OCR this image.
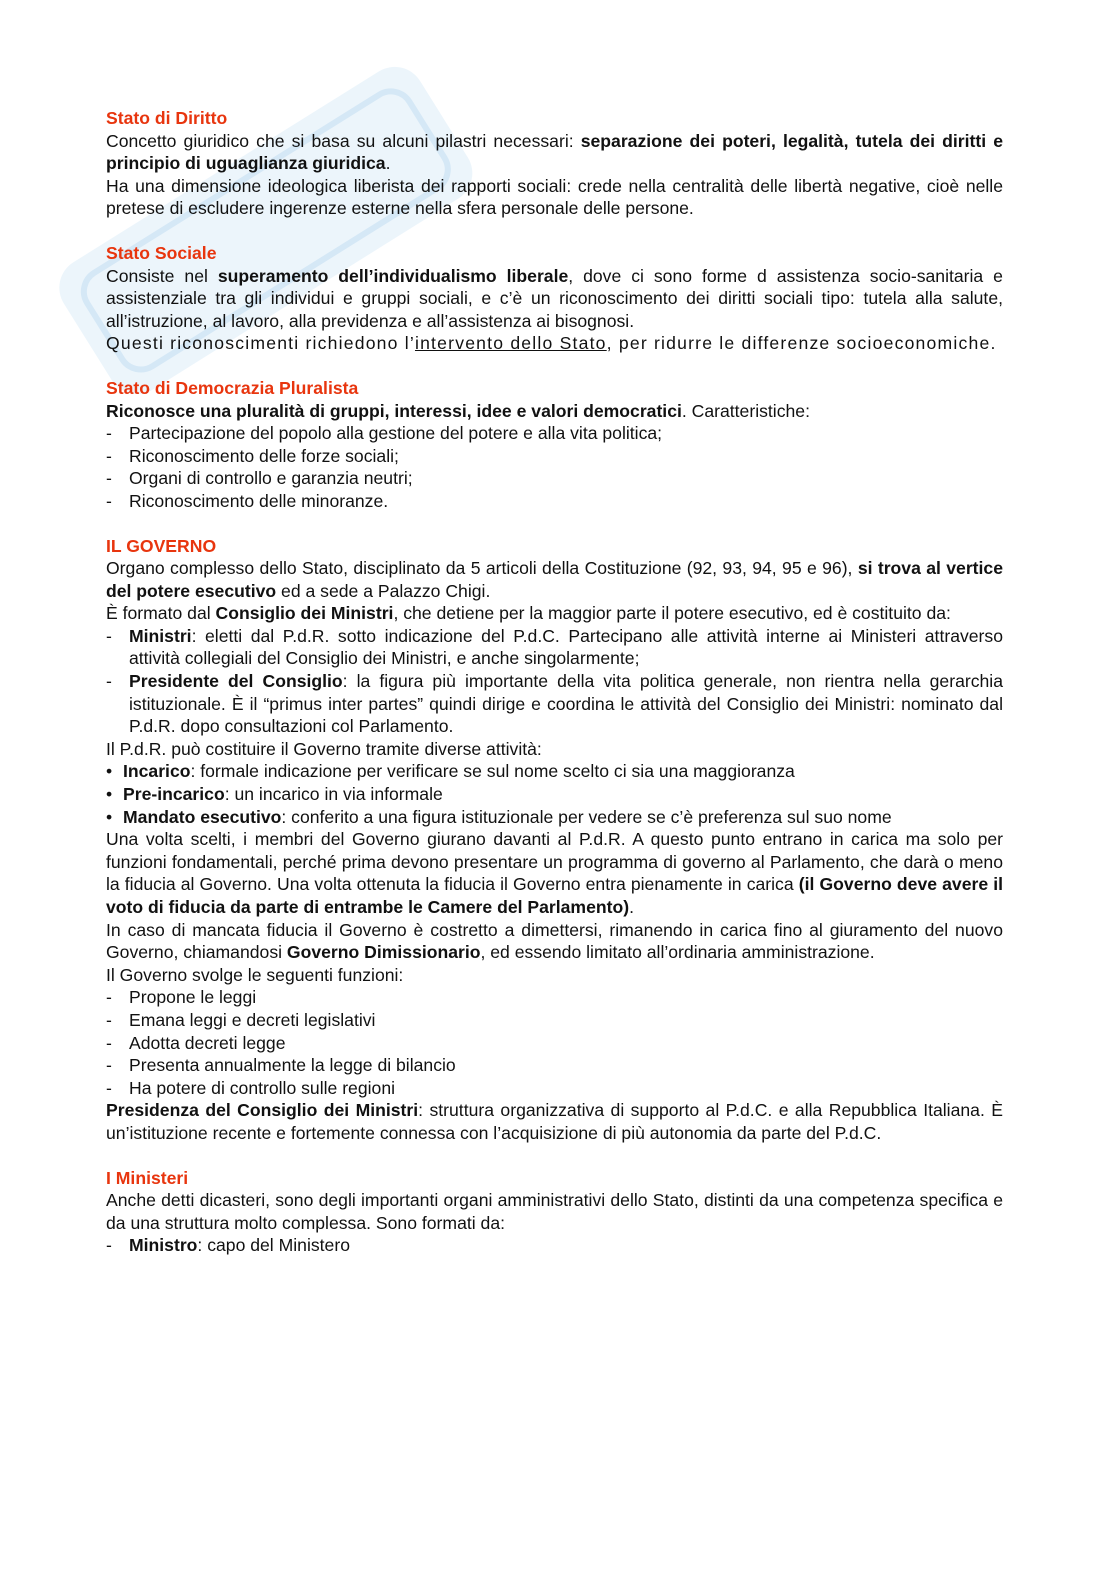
Stato di Diritto

Concetto giuridico che si basa su alcuni pilastri necessari: separazione dei poteri, legalità, tutela dei diritti e principio di uguaglianza giuridica.

Ha una dimensione ideologica liberista dei rapporti sociali: crede nella centralità delle libertà negative, cioè nelle pretese di escludere ingerenze esterne nella sfera personale delle persone.

Stato Sociale

Consiste nel superamento dell’individualismo liberale, dove ci sono forme d assistenza socio-sanitaria e assistenziale tra gli individui e gruppi sociali, e c’è un riconoscimento dei diritti sociali tipo: tutela alla salute, all’istruzione, al lavoro, alla previdenza e all’assistenza ai bisognosi.

Questi riconoscimenti richiedono l’intervento dello Stato, per ridurre le differenze socioeconomiche.

Stato di Democrazia Pluralista

Riconosce una pluralità di gruppi, interessi, idee e valori democratici. Caratteristiche:

- Partecipazione del popolo alla gestione del potere e alla vita politica;

- Riconoscimento delle forze sociali;

- Organi di controllo e garanzia neutri;

- Riconoscimento delle minoranze.

IL GOVERNO

Organo complesso dello Stato, disciplinato da 5 articoli della Costituzione (92, 93, 94, 95 e 96), si trova al vertice del potere esecutivo ed a sede a Palazzo Chigi.

È formato dal Consiglio dei Ministri, che detiene per la maggior parte il potere esecutivo, ed è costituito da:

- Ministri: eletti dal P.d.R. sotto indicazione del P.d.C. Partecipano alle attività interne ai Ministeri attraverso attività collegiali del Consiglio dei Ministri, e anche singolarmente;

- Presidente del Consiglio: la figura più importante della vita politica generale, non rientra nella gerarchia istituzionale. È il “primus inter partes” quindi dirige e coordina le attività del Consiglio dei Ministri: nominato dal P.d.R. dopo consultazioni col Parlamento.

Il P.d.R. può costituire il Governo tramite diverse attività:

• Incarico: formale indicazione per verificare se sul nome scelto ci sia una maggioranza

• Pre-incarico: un incarico in via informale

• Mandato esecutivo: conferito a una figura istituzionale per vedere se c’è preferenza sul suo nome

Una volta scelti, i membri del Governo giurano davanti al P.d.R. A questo punto entrano in carica ma solo per funzioni fondamentali, perché prima devono presentare un programma di governo al Parlamento, che darà o meno la fiducia al Governo. Una volta ottenuta la fiducia il Governo entra pienamente in carica (il Governo deve avere il voto di fiducia da parte di entrambe le Camere del Parlamento).

In caso di mancata fiducia il Governo è costretto a dimettersi, rimanendo in carica fino al giuramento del nuovo Governo, chiamandosi Governo Dimissionario, ed essendo limitato all’ordinaria amministrazione.

Il Governo svolge le seguenti funzioni:

- Propone le leggi

- Emana leggi e decreti legislativi

- Adotta decreti legge

- Presenta annualmente la legge di bilancio

- Ha potere di controllo sulle regioni

Presidenza del Consiglio dei Ministri: struttura organizzativa di supporto al P.d.C. e alla Repubblica Italiana. È un’istituzione recente e fortemente connessa con l’acquisizione di più autonomia da parte del P.d.C.

I Ministeri

Anche detti dicasteri, sono degli importanti organi amministrativi dello Stato, distinti da una competenza specifica e da una struttura molto complessa. Sono formati da:

- Ministro: capo del Ministero
